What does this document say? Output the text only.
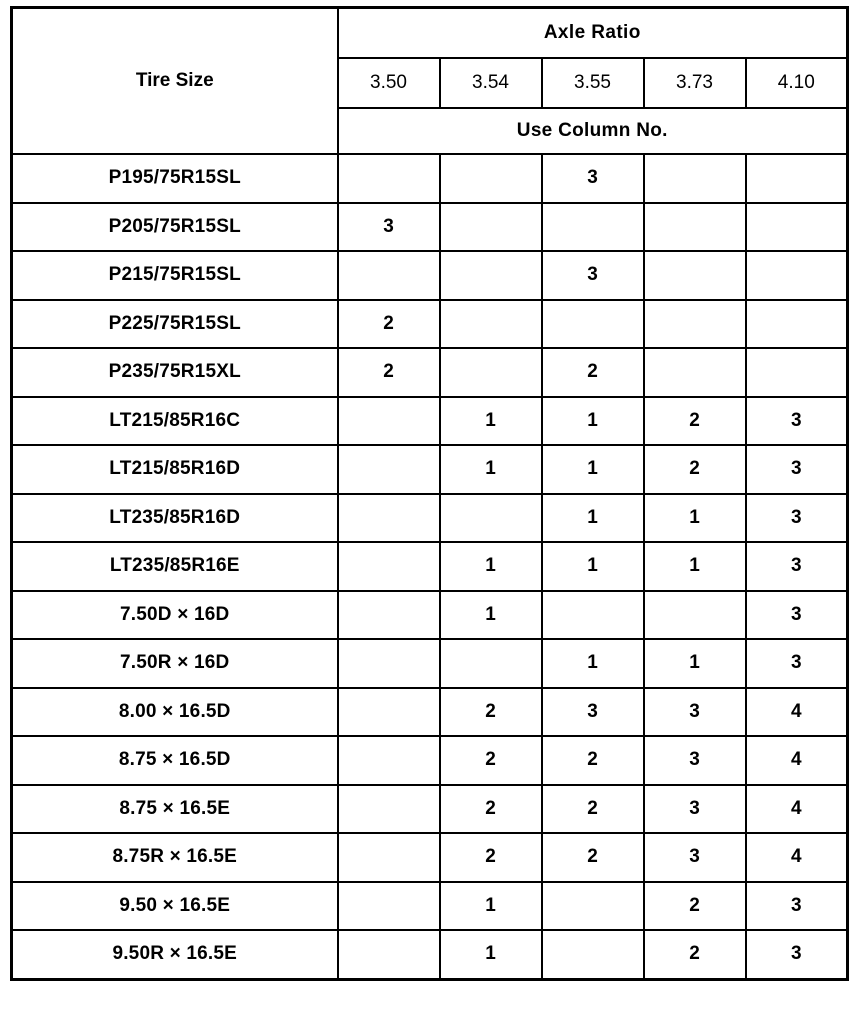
Tire Size	Axle Ratio				
	3.50	3.54	3.55	3.73	4.10
	Use Column No.				
P195/75R15SL			3		
P205/75R15SL	3				
P215/75R15SL			3		
P225/75R15SL	2				
P235/75R15XL	2		2		
LT215/85R16C		1	1	2	3
LT215/85R16D		1	1	2	3
LT235/85R16D			1	1	3
LT235/85R16E		1	1	1	3
7.50D × 16D		1			3
7.50R × 16D			1	1	3
8.00 × 16.5D		2	3	3	4
8.75 × 16.5D		2	2	3	4
8.75 × 16.5E		2	2	3	4
8.75R × 16.5E		2	2	3	4
9.50 × 16.5E		1		2	3
9.50R × 16.5E		1		2	3
